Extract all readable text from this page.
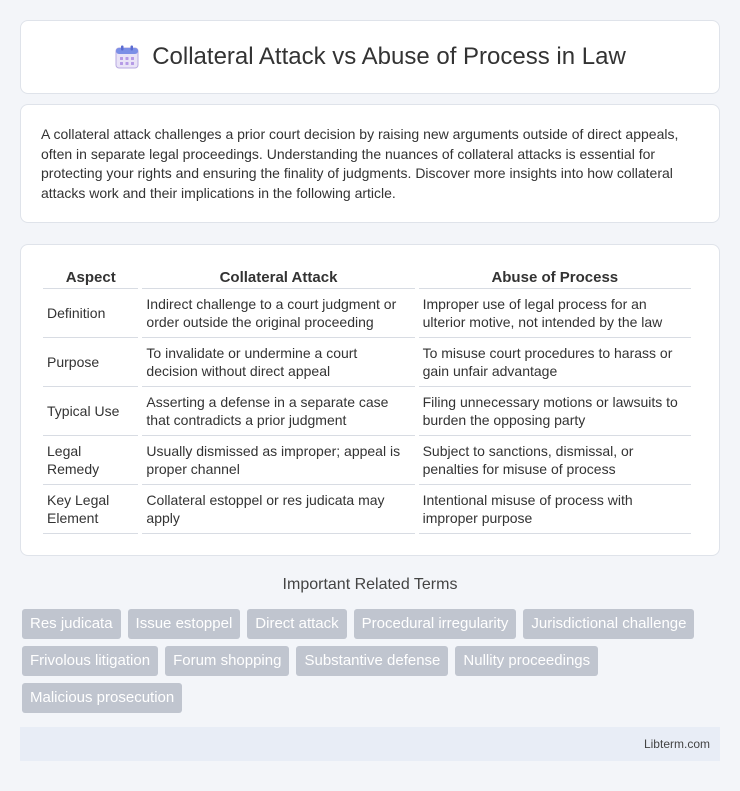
Collateral Attack vs Abuse of Process in Law

A collateral attack challenges a prior court decision by raising new arguments outside of direct appeals, often in separate legal proceedings. Understanding the nuances of collateral attacks is essential for protecting your rights and ensuring the finality of judgments. Discover more insights into how collateral attacks work and their implications in the following article.

Aspect	Collateral Attack	Abuse of Process
Definition	Indirect challenge to a court judgment or order outside the original proceeding	Improper use of legal process for an ulterior motive, not intended by the law
Purpose	To invalidate or undermine a court decision without direct appeal	To misuse court procedures to harass or gain unfair advantage
Typical Use	Asserting a defense in a separate case that contradicts a prior judgment	Filing unnecessary motions or lawsuits to burden the opposing party
Legal Remedy	Usually dismissed as improper; appeal is proper channel	Subject to sanctions, dismissal, or penalties for misuse of process
Key Legal Element	Collateral estoppel or res judicata may apply	Intentional misuse of process with improper purpose
Important Related Terms
Res judicata	Issue estoppel	Direct attack	Procedural irregularity	Jurisdictional challenge
Frivolous litigation	Forum shopping	Substantive defense	Nullity proceedings
Malicious prosecution
Libterm.com
